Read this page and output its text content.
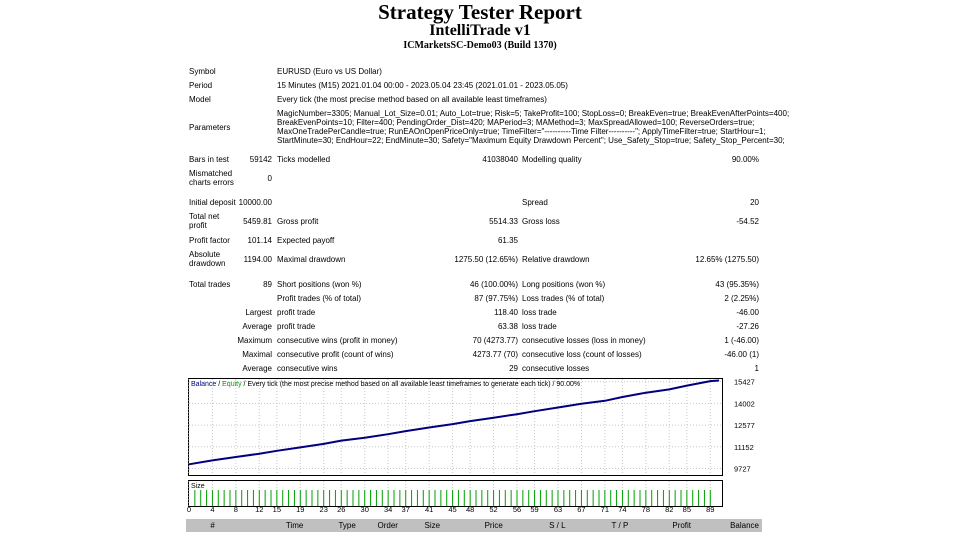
Strategy Tester Report
IntelliTrade v1
ICMarketsSC-Demo03 (Build 1370)
Symbol	EURUSD (Euro vs US Dollar)
Period	15 Minutes (M15) 2021.01.04 00:00 - 2023.05.04 23:45 (2021.01.01 - 2023.05.05)
Model	Every tick (the most precise method based on all available least timeframes)
Parameters
MagicNumber=3305; Manual_Lot_Size=0.01; Auto_Lot=true; Risk=5; TakeProfit=100; StopLoss=0; BreakEven=true; BreakEvenAfterPoints=400;
BreakEvenPoints=10; Filter=400; PendingOrder_Dist=420; MAPeriod=3; MAMethod=3; MaxSpreadAllowed=100; ReverseOrders=true;
MaxOneTradePerCandle=true; RunEAOnOpenPriceOnly=true; TimeFilter="----------Time Filter----------"; ApplyTimeFilter=true; StartHour=1;
StartMinute=30; EndHour=22; EndMinute=30; Safety="Maximum Equity Drawdown Percent"; Use_Safety_Stop=true; Safety_Stop_Percent=30;
Bars in test	59142 Ticks modelled	41038040 Modelling quality	90.00%
Mismatched
charts errors	0
Initial deposit 10000.00	Spread	20
Total net
profit	5459.81 Gross profit	5514.33 Gross loss	-54.52
Profit factor	101.14 Expected payoff	61.35
Absolute
drawdown	1194.00 Maximal drawdown	1275.50 (12.65%) Relative drawdown	12.65% (1275.50)
Total trades	89 Short positions (won %)	46 (100.00%) Long positions (won %)	43 (95.35%)
Profit trades (% of total)	87 (97.75%) Loss trades (% of total)	2 (2.25%)
Largest profit trade	118.40 loss trade	-46.00
Average profit trade	63.38 loss trade	-27.26
Maximum consecutive wins (profit in money)	70 (4273.77) consecutive losses (loss in money)	1 (-46.00)
Maximal consecutive profit (count of wins)	4273.77 (70) consecutive loss (count of losses)	-46.00 (1)
Average consecutive wins	29 consecutive losses	1
15427
14002
12577
11152
9727
Balance / Equity / Every tick (the most precise method based on all available least timeframes to generate each tick) / 90.00%
Size
0	4	8	12	15	19	23	26	30	34	37	41	45	48	52	56	59	63	67	71	74	78	82	85	89
#	Time	Type	Order	Size	Price	S / L	T / P	Profit	Balance
